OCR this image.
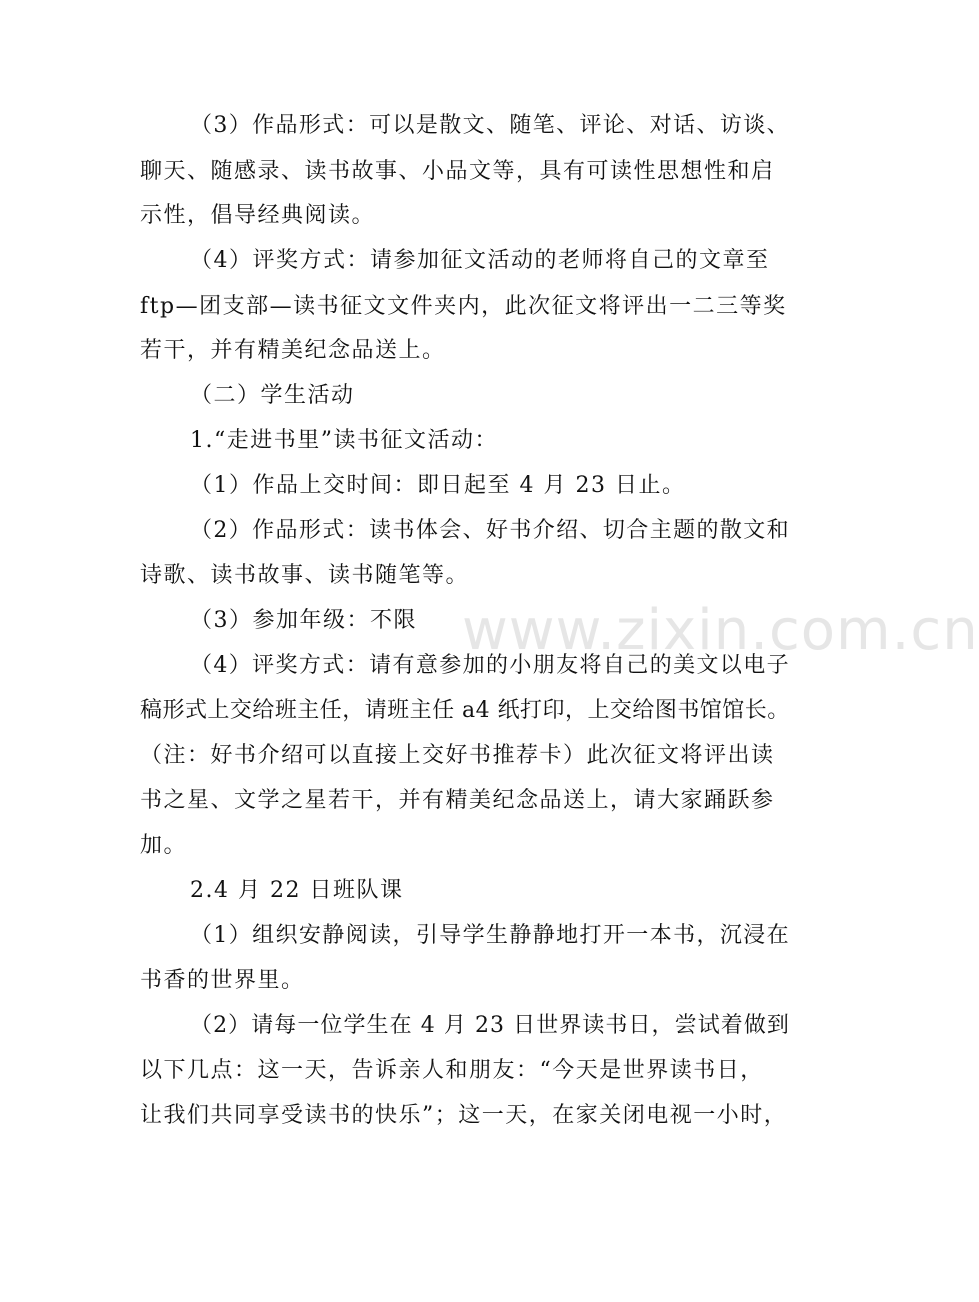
www.zixin.com.cn
（3）作品形式：可以是散文、随笔、评论、对话、访谈、
聊天、随感录、读书故事、小品文等，具有可读性思想性和启
示性，倡导经典阅读。
（4）评奖方式：请参加征文活动的老师将自己的文章至
ftp—团支部—读书征文文件夹内，此次征文将评出一二三等奖
若干，并有精美纪念品送上。
（二）学生活动
1.“走进书里”读书征文活动：
（1）作品上交时间：即日起至 4 月 23 日止。
（2）作品形式：读书体会、好书介绍、切合主题的散文和
诗歌、读书故事、读书随笔等。
（3）参加年级：不限
（4）评奖方式：请有意参加的小朋友将自己的美文以电子
稿形式上交给班主任，请班主任 a4 纸打印，上交给图书馆馆长。
（注：好书介绍可以直接上交好书推荐卡）此次征文将评出读
书之星、文学之星若干，并有精美纪念品送上，请大家踊跃参
加。
2.4 月 22 日班队课
（1）组织安静阅读，引导学生静静地打开一本书，沉浸在
书香的世界里。
（2）请每一位学生在 4 月 23 日世界读书日，尝试着做到
以下几点：这一天，告诉亲人和朋友：“今天是世界读书日，
让我们共同享受读书的快乐”；这一天，在家关闭电视一小时，
